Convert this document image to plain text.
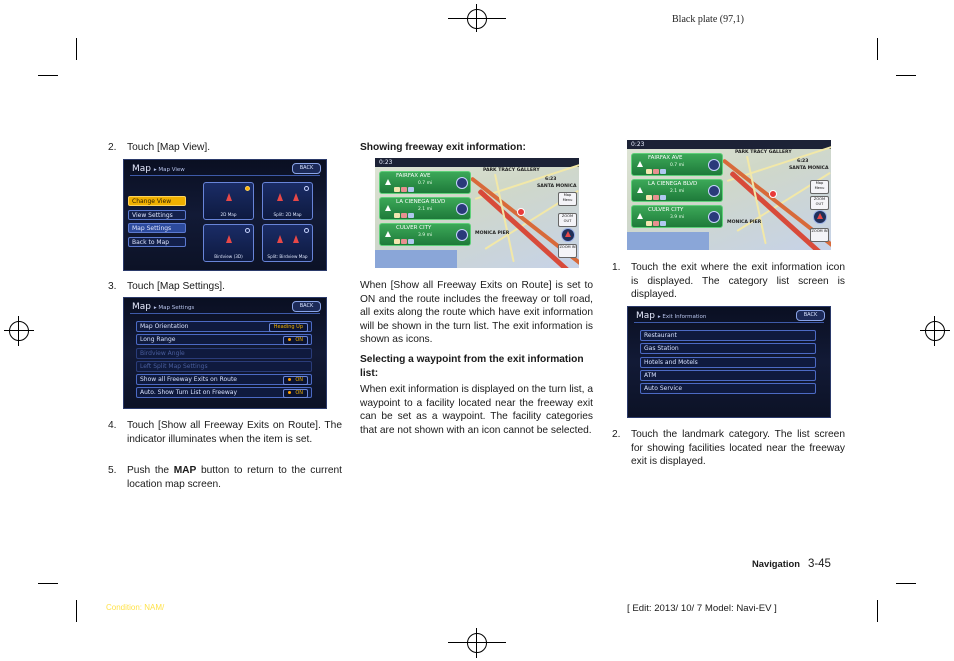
Black plate (97,1)
2.	Touch [Map View].
Map ▸ Map View	BACK
Change View
View Settings
Map Settings
Back to Map
2D Map	Split: 2D Map
Birdview (3D)	Split: Birdview Map
3.	Touch [Map Settings].
Map ▸ Map Settings	BACK
Map Orientation	Heading Up
Long Range	ON
Birdview Angle
Left Split Map Settings
Show all Freeway Exits on Route	ON
Auto. Show Turn List on Freeway	ON
4.	Touch [Show all Freeway Exits on Route]. The indicator illuminates when the item is set.
5.	Push the MAP button to return to the current location map screen.
Showing freeway exit information:
0:23
PARK TRACY GALLERY
SANTA MONICA
MONICA PIER
6:23
FAIRFAX AVE
0.7 mi
LA CIENEGA BLVD
2.1 mi
CULVER CITY
3.9 mi
Map Menu
ZOOM OUT
ZOOM IN
When [Show all Freeway Exits on Route] is set to ON and the route includes the freeway or toll road, all exits along the route which have exit information will be shown in the turn list. The exit information is shown as icons.
Selecting a waypoint from the exit information list:
When exit information is displayed on the turn list, a waypoint to a facility located near the freeway exit can be set as a waypoint. The facility categories that are not shown with an icon cannot be selected.
0:23
PARK TRACY GALLERY
SANTA MONICA
MONICA PIER
6:23
FAIRFAX AVE
0.7 mi
LA CIENEGA BLVD
2.1 mi
CULVER CITY
3.9 mi
Map Menu
ZOOM OUT
ZOOM IN
1.	Touch the exit where the exit information icon is displayed. The category list screen is displayed.
Map ▸ Exit Information	BACK
Restaurant
Gas Station
Hotels and Motels
ATM
Auto Service
2.	Touch the landmark category. The list screen for showing facilities located near the freeway exit is displayed.
Navigation 3-45
Condition: NAM/	[ Edit: 2013/ 10/ 7 Model: Navi-EV ]
